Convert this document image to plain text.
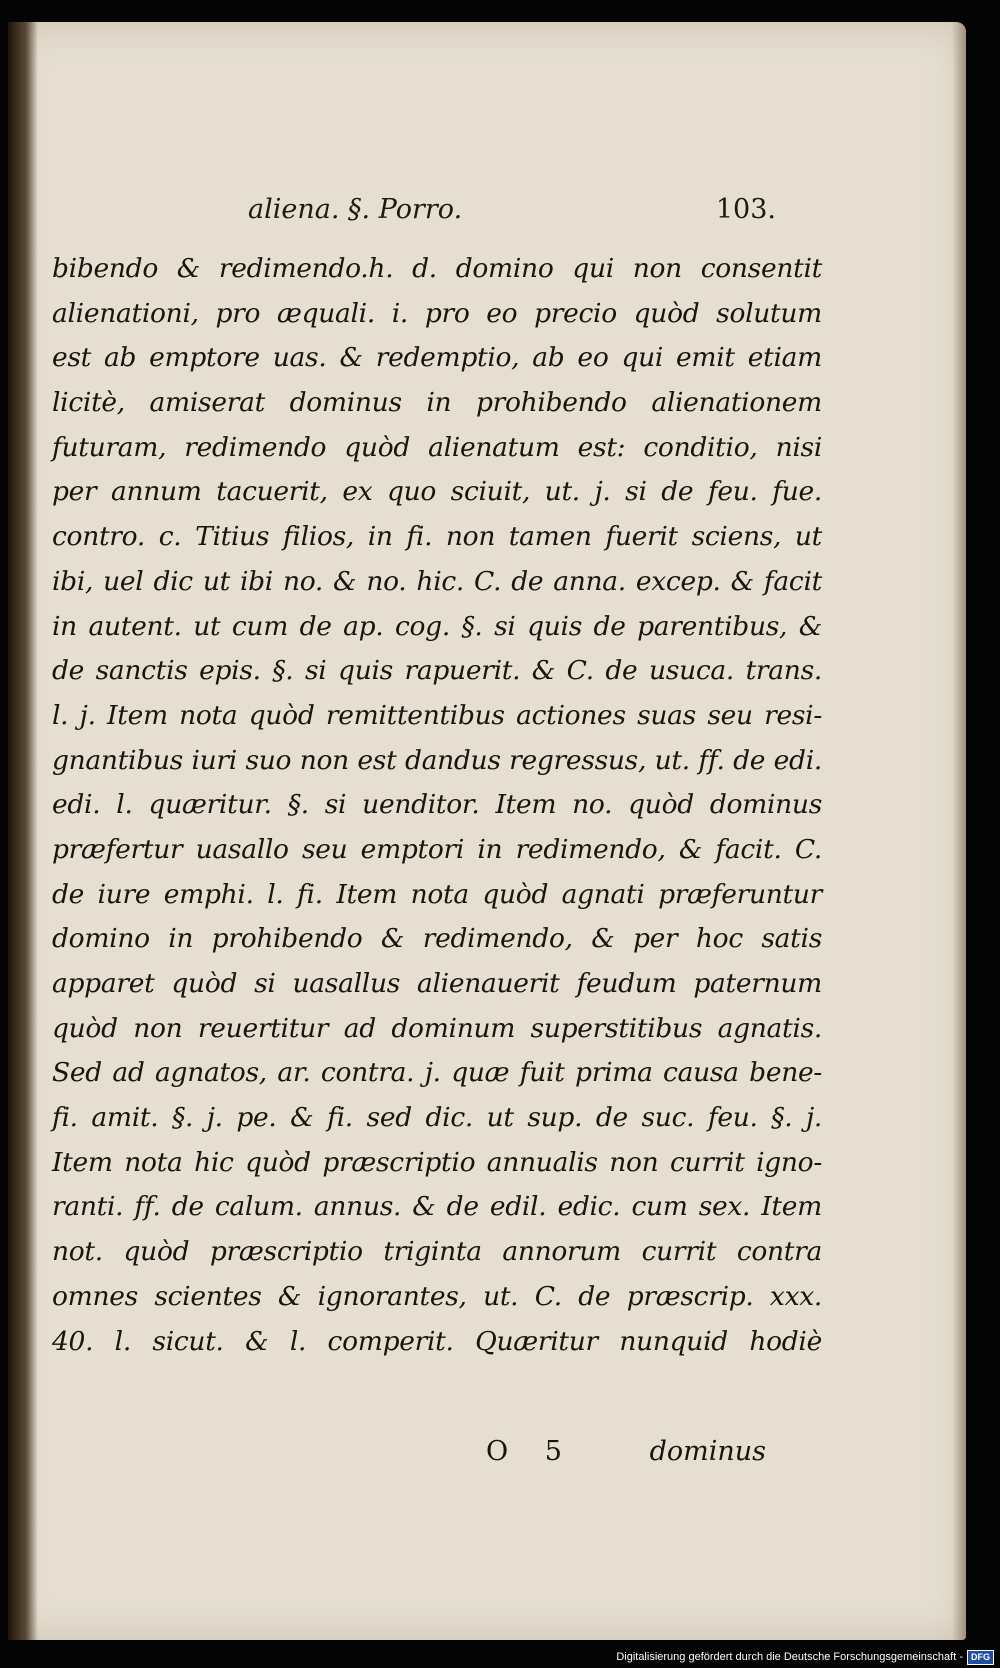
aliena. §. Porro.	103.
bibendo & redimendo.h. d. domino qui non consentit
alienationi, pro æquali. i. pro eo precio quòd solutum
est ab emptore uas. & redemptio, ab eo qui emit etiam
licitè, amiserat dominus in prohibendo alienationem
futuram, redimendo quòd alienatum est: conditio, nisi
per annum tacuerit, ex quo sciuit, ut. j. si de feu. fue.
contro. c. Titius filios, in fi. non tamen fuerit sciens, ut
ibi, uel dic ut ibi no. & no. hic. C. de anna. excep. & facit
in autent. ut cum de ap. cog. §. si quis de parentibus, &
de sanctis epis. §. si quis rapuerit. & C. de usuca. trans.
l. j. Item nota quòd remittentibus actiones suas seu resi-
gnantibus iuri suo non est dandus regressus, ut. ff. de edi.
edi. l. quæritur. §. si uenditor. Item no. quòd dominus
præfertur uasallo seu emptori in redimendo, & facit. C.
de iure emphi. l. fi. Item nota quòd agnati præferuntur
domino in prohibendo & redimendo, & per hoc satis
apparet quòd si uasallus alienauerit feudum paternum
quòd non reuertitur ad dominum superstitibus agnatis.
Sed ad agnatos, ar. contra. j. quæ fuit prima causa bene-
fi. amit. §. j. pe. & fi. sed dic. ut sup. de suc. feu. §. j.
Item nota hic quòd præscriptio annualis non currit igno-
ranti. ff. de calum. annus. & de edil. edic. cum sex. Item
not. quòd præscriptio triginta annorum currit contra
omnes scientes & ignorantes, ut. C. de præscrip. xxx.
40. l. sicut. & l. comperit. Quæritur nunquid hodiè
O 5	dominus
Digitalisierung gefördert durch die Deutsche Forschungsgemeinschaft - DFG
